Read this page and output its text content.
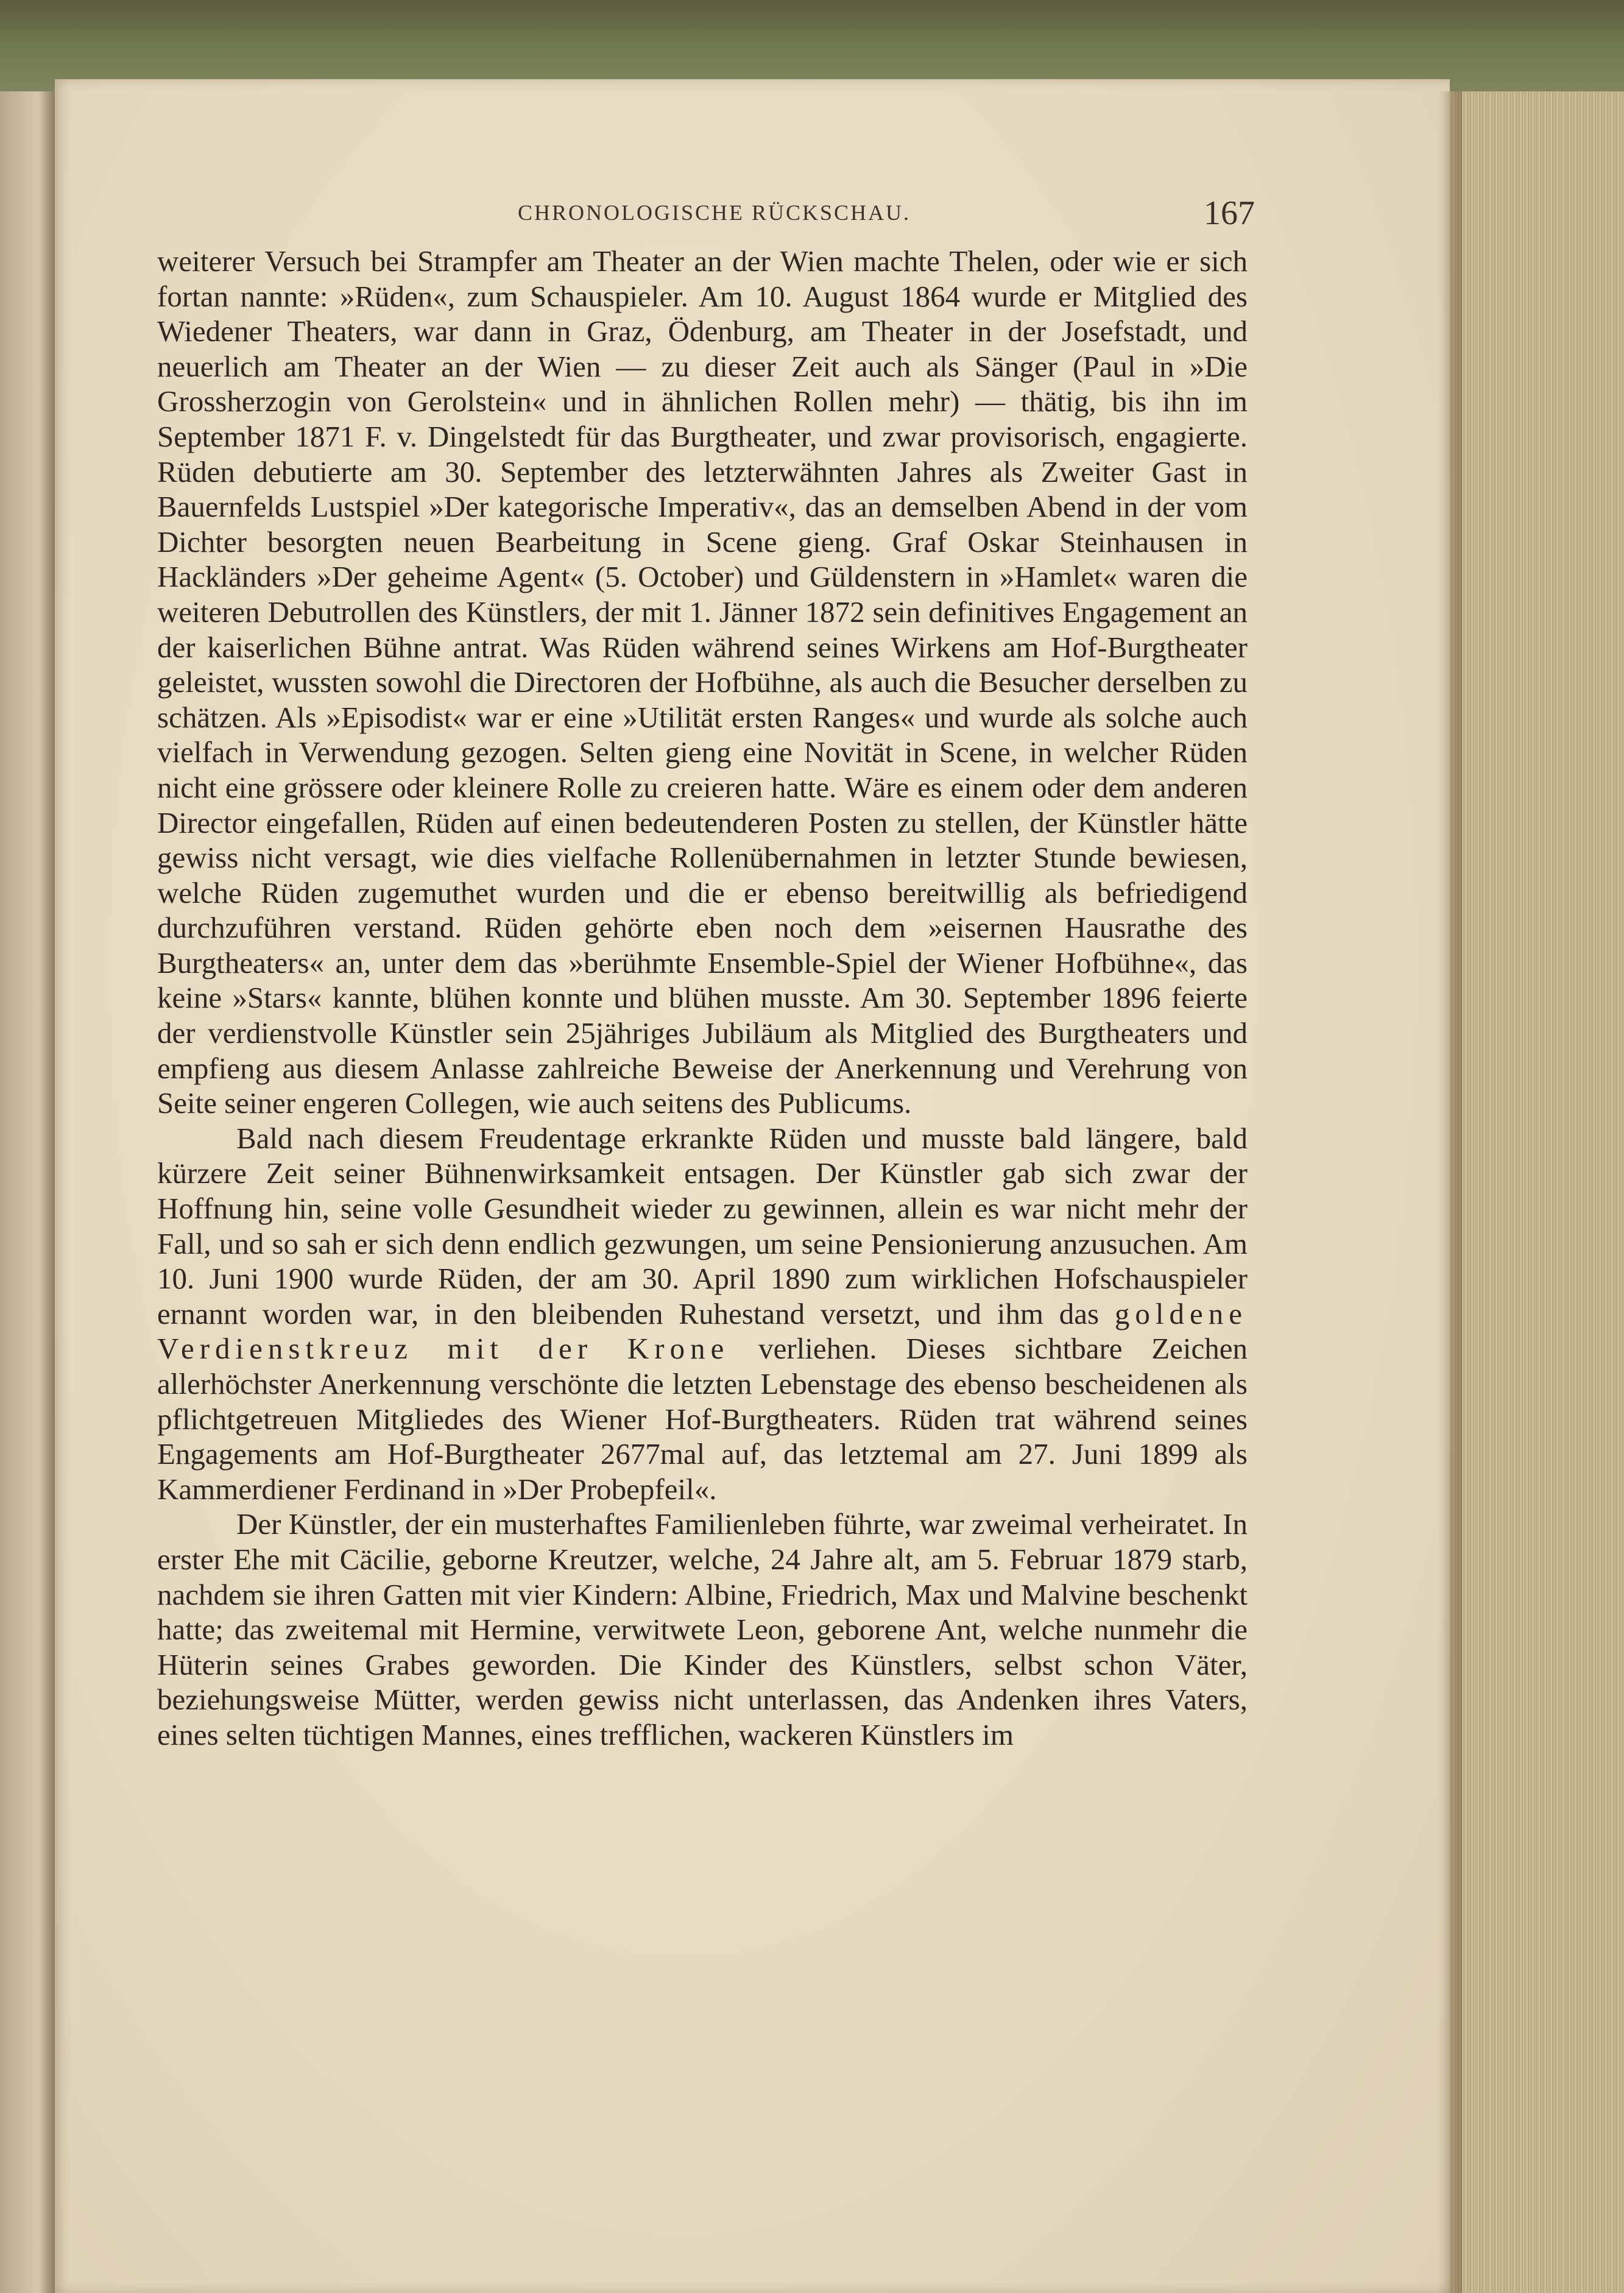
CHRONOLOGISCHE RÜCKSCHAU.	167

weiterer Versuch bei Strampfer am Theater an der Wien machte Thelen, oder wie er sich fortan nannte: »Rüden«, zum Schauspieler. Am 10. August 1864 wurde er Mitglied des Wiedener Theaters, war dann in Graz, Ödenburg, am Theater in der Josefstadt, und neuerlich am Theater an der Wien — zu dieser Zeit auch als Sänger (Paul in »Die Grossherzogin von Gerolstein« und in ähnlichen Rollen mehr) — thätig, bis ihn im September 1871 F. v. Dingelstedt für das Burgtheater, und zwar provisorisch, engagierte. Rüden debutierte am 30. September des letzterwähnten Jahres als Zweiter Gast in Bauernfelds Lustspiel »Der kategorische Imperativ«, das an demselben Abend in der vom Dichter besorgten neuen Bearbeitung in Scene gieng. Graf Oskar Steinhausen in Hackländers »Der geheime Agent« (5. October) und Güldenstern in »Hamlet« waren die weiteren Debutrollen des Künstlers, der mit 1. Jänner 1872 sein definitives Engagement an der kaiserlichen Bühne antrat. Was Rüden während seines Wirkens am Hof-Burgtheater geleistet, wussten sowohl die Directoren der Hofbühne, als auch die Besucher derselben zu schätzen. Als »Episodist« war er eine »Utilität ersten Ranges« und wurde als solche auch vielfach in Verwendung gezogen. Selten gieng eine Novität in Scene, in welcher Rüden nicht eine grössere oder kleinere Rolle zu creieren hatte. Wäre es einem oder dem anderen Director eingefallen, Rüden auf einen bedeutenderen Posten zu stellen, der Künstler hätte gewiss nicht versagt, wie dies vielfache Rollenübernahmen in letzter Stunde bewiesen, welche Rüden zugemuthet wurden und die er ebenso bereitwillig als befriedigend durchzuführen verstand. Rüden gehörte eben noch dem »eisernen Hausrathe des Burgtheaters« an, unter dem das »berühmte Ensemble-Spiel der Wiener Hofbühne«, das keine »Stars« kannte, blühen konnte und blühen musste. Am 30. September 1896 feierte der verdienstvolle Künstler sein 25jähriges Jubiläum als Mitglied des Burgtheaters und empfieng aus diesem Anlasse zahlreiche Beweise der Anerkennung und Verehrung von Seite seiner engeren Collegen, wie auch seitens des Publicums.

Bald nach diesem Freudentage erkrankte Rüden und musste bald längere, bald kürzere Zeit seiner Bühnenwirksamkeit entsagen. Der Künstler gab sich zwar der Hoffnung hin, seine volle Gesundheit wieder zu gewinnen, allein es war nicht mehr der Fall, und so sah er sich denn endlich gezwungen, um seine Pensionierung anzusuchen. Am 10. Juni 1900 wurde Rüden, der am 30. April 1890 zum wirklichen Hofschauspieler ernannt worden war, in den bleibenden Ruhestand versetzt, und ihm das goldene Verdienstkreuz mit der Krone verliehen. Dieses sichtbare Zeichen allerhöchster Anerkennung verschönte die letzten Lebenstage des ebenso bescheidenen als pflichtgetreuen Mitgliedes des Wiener Hof-Burgtheaters. Rüden trat während seines Engagements am Hof-Burgtheater 2677mal auf, das letztemal am 27. Juni 1899 als Kammerdiener Ferdinand in »Der Probepfeil«.

Der Künstler, der ein musterhaftes Familienleben führte, war zweimal verheiratet. In erster Ehe mit Cäcilie, geborne Kreutzer, welche, 24 Jahre alt, am 5. Februar 1879 starb, nachdem sie ihren Gatten mit vier Kindern: Albine, Friedrich, Max und Malvine beschenkt hatte; das zweitemal mit Hermine, verwitwete Leon, geborene Ant, welche nunmehr die Hüterin seines Grabes geworden. Die Kinder des Künstlers, selbst schon Väter, beziehungsweise Mütter, werden gewiss nicht unterlassen, das Andenken ihres Vaters, eines selten tüchtigen Mannes, eines trefflichen, wackeren Künstlers im
